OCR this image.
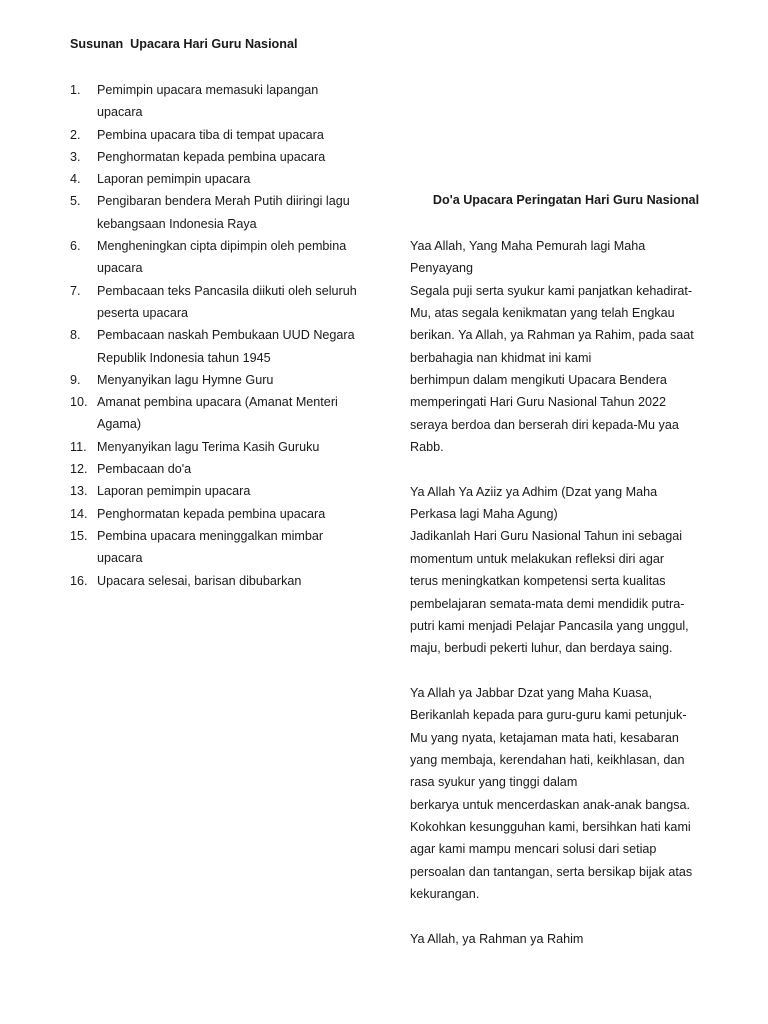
Susunan  Upacara Hari Guru Nasional
1.	Pemimpin upacara memasuki lapangan
upacara
2.	Pembina upacara tiba di tempat upacara
3.	Penghormatan kepada pembina upacara
4.	Laporan pemimpin upacara
5.	Pengibaran bendera Merah Putih diiringi lagu
kebangsaan Indonesia Raya
6.	Mengheningkan cipta dipimpin oleh pembina
upacara
7.	Pembacaan teks Pancasila diikuti oleh seluruh
peserta upacara
8.	Pembacaan naskah Pembukaan UUD Negara
Republik Indonesia tahun 1945
9.	Menyanyikan lagu Hymne Guru
10. Amanat pembina upacara (Amanat Menteri
Agama)
11. Menyanyikan lagu Terima Kasih Guruku
12. Pembacaan do'a
13. Laporan pemimpin upacara
14. Penghormatan kepada pembina upacara
15. Pembina upacara meninggalkan mimbar
upacara
16. Upacara selesai, barisan dibubarkan
Do'a Upacara Peringatan Hari Guru Nasional
Yaa Allah, Yang Maha Pemurah lagi Maha
Penyayang
Segala puji serta syukur kami panjatkan kehadirat-
Mu, atas segala kenikmatan yang telah Engkau
berikan. Ya Allah, ya Rahman ya Rahim, pada saat
berbahagia nan khidmat ini kami
berhimpun dalam mengikuti Upacara Bendera
memperingati Hari Guru Nasional Tahun 2022
seraya berdoa dan berserah diri kepada-Mu yaa
Rabb.
Ya Allah Ya Aziiz ya Adhim (Dzat yang Maha
Perkasa lagi Maha Agung)
Jadikanlah Hari Guru Nasional Tahun ini sebagai
momentum untuk melakukan refleksi diri agar
terus meningkatkan kompetensi serta kualitas
pembelajaran semata-mata demi mendidik putra-
putri kami menjadi Pelajar Pancasila yang unggul,
maju, berbudi pekerti luhur, dan berdaya saing.
Ya Allah ya Jabbar Dzat yang Maha Kuasa,
Berikanlah kepada para guru-guru kami petunjuk-
Mu yang nyata, ketajaman mata hati, kesabaran
yang membaja, kerendahan hati, keikhlasan, dan
rasa syukur yang tinggi dalam
berkarya untuk mencerdaskan anak-anak bangsa.
Kokohkan kesungguhan kami, bersihkan hati kami
agar kami mampu mencari solusi dari setiap
persoalan dan tantangan, serta bersikap bijak atas
kekurangan.
Ya Allah, ya Rahman ya Rahim
